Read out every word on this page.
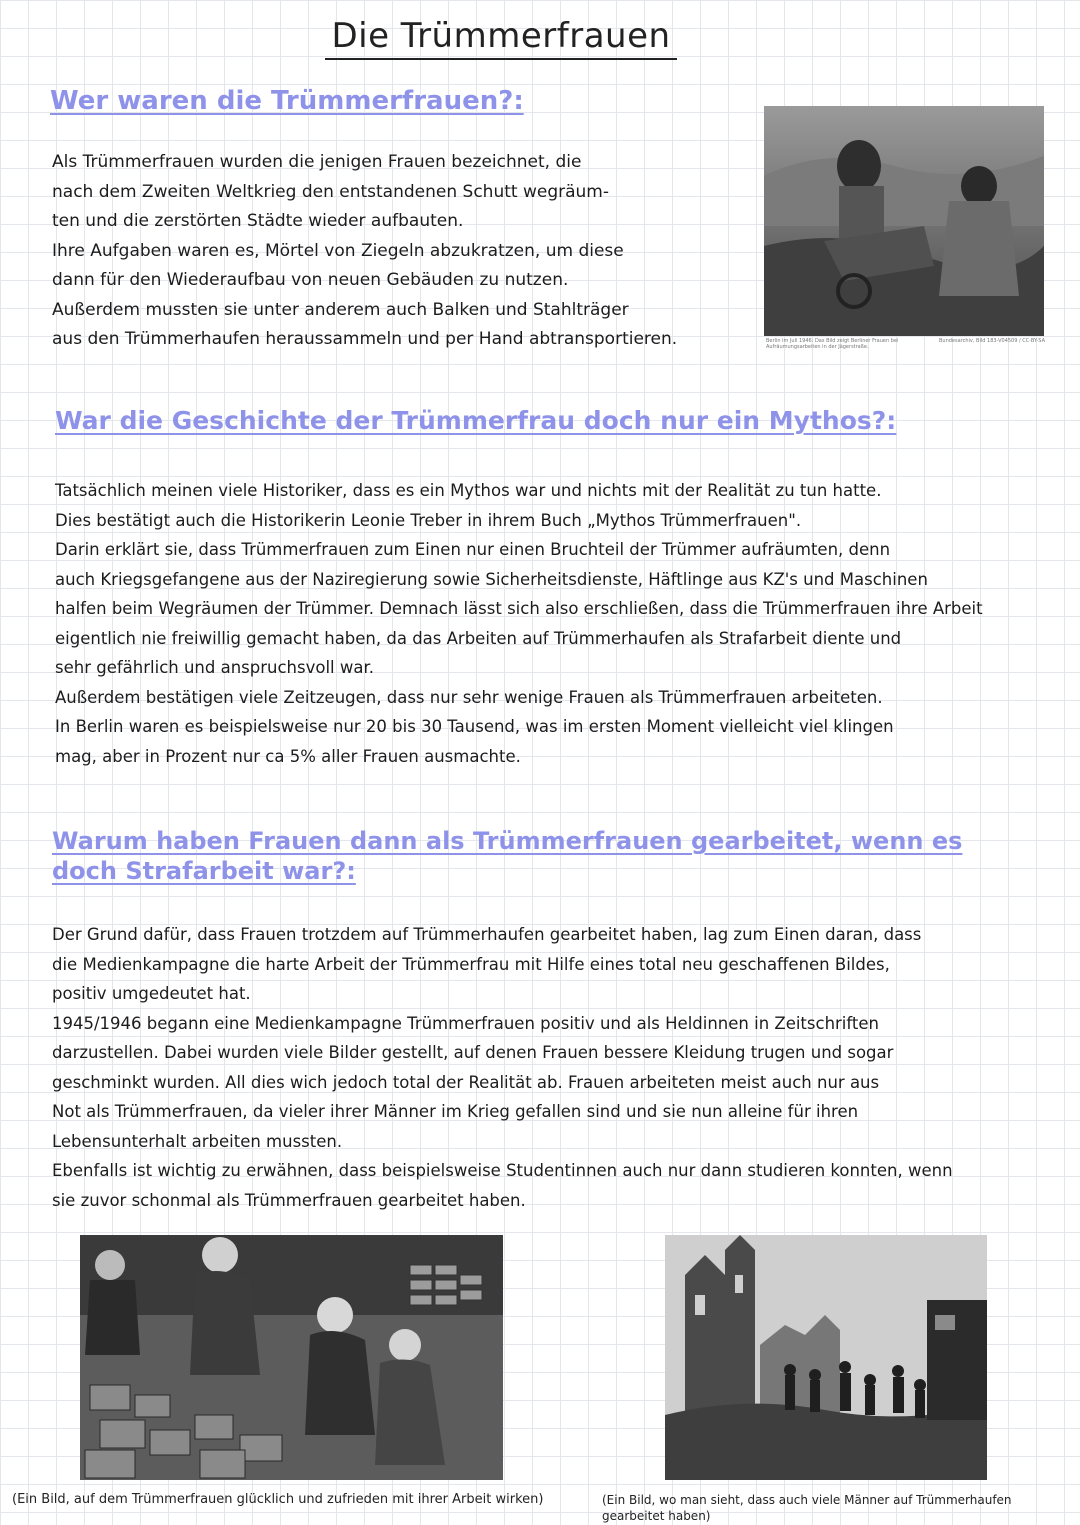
Die Trümmerfrauen
Wer waren die Trümmerfrauen?:

Als Trümmerfrauen wurden die jenigen Frauen bezeichnet, die

nach dem Zweiten Weltkrieg den entstandenen Schutt wegräum-

ten und die zerstörten Städte wieder aufbauten.

Ihre Aufgaben waren es, Mörtel von Ziegeln abzukratzen, um diese

dann für den Wiederaufbau von neuen Gebäuden zu nutzen.

Außerdem mussten sie unter anderem auch Balken und Stahlträger

aus den Trümmerhaufen heraussammeln und per Hand abtransportieren.	Berlin im Juli 1946: Das Bild zeigt Berliner Frauen bei Aufräumungsarbeiten in der Jägerstraße.
Bundesarchiv, Bild 183-V04509 / CC-BY-SA
War die Geschichte der Trümmerfrau doch nur ein Mythos?:

Tatsächlich meinen viele Historiker, dass es ein Mythos war und nichts mit der Realität zu tun hatte.

Dies bestätigt auch die Historikerin Leonie Treber in ihrem Buch „Mythos Trümmerfrauen".

Darin erklärt sie, dass Trümmerfrauen zum Einen nur einen Bruchteil der Trümmer aufräumten, denn

auch Kriegsgefangene aus der Naziregierung sowie Sicherheitsdienste, Häftlinge aus KZ's und Maschinen

halfen beim Wegräumen der Trümmer. Demnach lässt sich also erschließen, dass die Trümmerfrauen ihre Arbeit

eigentlich nie freiwillig gemacht haben, da das Arbeiten auf Trümmerhaufen als Strafarbeit diente und

sehr gefährlich und anspruchsvoll war.

Außerdem bestätigen viele Zeitzeugen, dass nur sehr wenige Frauen als Trümmerfrauen arbeiteten.

In Berlin waren es beispielsweise nur 20 bis 30 Tausend, was im ersten Moment vielleicht viel klingen

mag, aber in Prozent nur ca 5% aller Frauen ausmachte.

Warum haben Frauen dann als Trümmerfrauen gearbeitet, wenn es
doch Strafarbeit war?:

Der Grund dafür, dass Frauen trotzdem auf Trümmerhaufen gearbeitet haben, lag zum Einen daran, dass

die Medienkampagne die harte Arbeit der Trümmerfrau mit Hilfe eines total neu geschaffenen Bildes,

positiv umgedeutet hat.

1945/1946 begann eine Medienkampagne Trümmerfrauen positiv und als Heldinnen in Zeitschriften

darzustellen. Dabei wurden viele Bilder gestellt, auf denen Frauen bessere Kleidung trugen und sogar

geschminkt wurden. All dies wich jedoch total der Realität ab. Frauen arbeiteten meist auch nur aus

Not als Trümmerfrauen, da vieler ihrer Männer im Krieg gefallen sind und sie nun alleine für ihren

Lebensunterhalt arbeiten mussten.

Ebenfalls ist wichtig zu erwähnen, dass beispielsweise Studentinnen auch nur dann studieren konnten, wenn

sie zuvor schonmal als Trümmerfrauen gearbeitet haben.

(Ein Bild, auf dem Trümmerfrauen glücklich und zufrieden mit ihrer Arbeit wirken)	(Ein Bild, wo man sieht, dass auch viele Männer auf Trümmerhaufen gearbeitet haben)
